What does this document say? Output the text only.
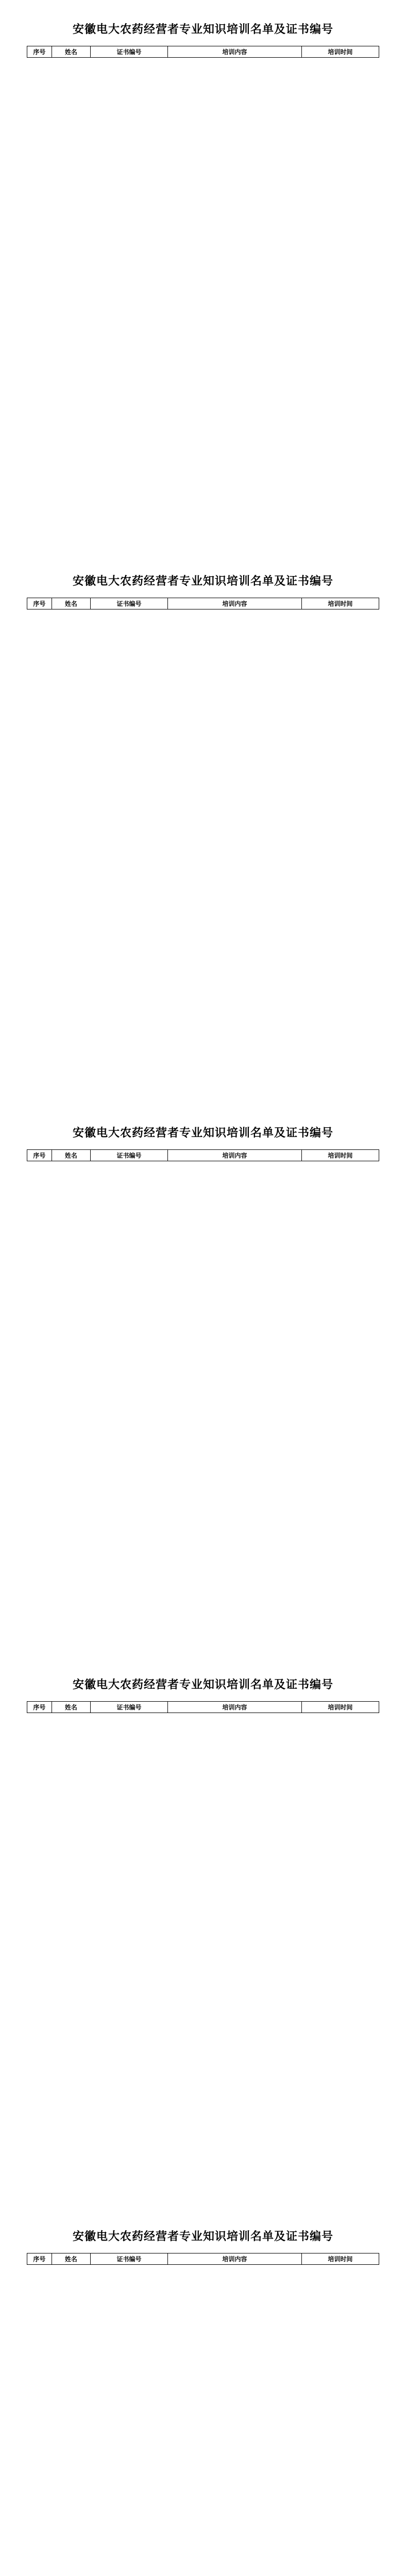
安徽电大农药经营者专业知识培训名单及证书编号
序号	姓名	证书编号	培训内容	培训时间
安徽电大农药经营者专业知识培训名单及证书编号
序号	姓名	证书编号	培训内容	培训时间
安徽电大农药经营者专业知识培训名单及证书编号
序号	姓名	证书编号	培训内容	培训时间
安徽电大农药经营者专业知识培训名单及证书编号
序号	姓名	证书编号	培训内容	培训时间
安徽电大农药经营者专业知识培训名单及证书编号
序号	姓名	证书编号	培训内容	培训时间
